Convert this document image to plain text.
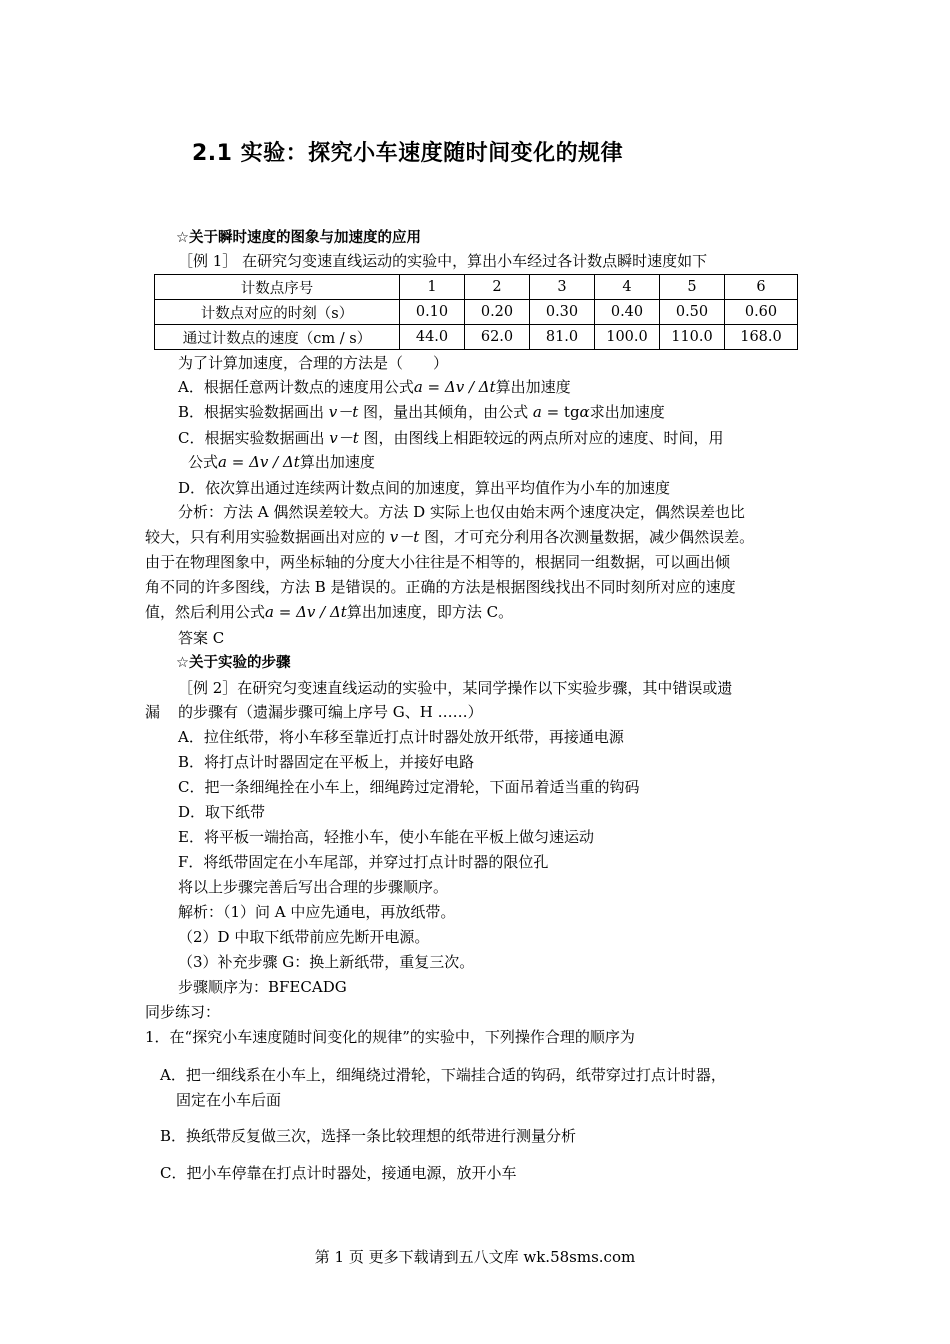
2.1 实验：探究小车速度随时间变化的规律
☆关于瞬时速度的图象与加速度的应用
［例 1］ 在研究匀变速直线运动的实验中，算出小车经过各计数点瞬时速度如下
计数点序号	1	2	3	4	5	6
计数点对应的时刻（s）	0.10	0.20	0.30	0.40	0.50	0.60
通过计数点的速度（cm / s）	44.0	62.0	81.0	100.0	110.0	168.0
为了计算加速度，合理的方法是（　　）
A．根据任意两计数点的速度用公式a = Δv / Δt算出加速度
B．根据实验数据画出 v－t 图，量出其倾角，由公式 a = tgα求出加速度
C．根据实验数据画出 v－t 图，由图线上相距较远的两点所对应的速度、时间，用
公式a = Δv / Δt算出加速度
D．依次算出通过连续两计数点间的加速度，算出平均值作为小车的加速度
分析：方法 A 偶然误差较大。方法 D 实际上也仅由始末两个速度决定，偶然误差也比
较大，只有利用实验数据画出对应的 v－t 图，才可充分利用各次测量数据，减少偶然误差。
由于在物理图象中，两坐标轴的分度大小往往是不相等的，根据同一组数据，可以画出倾
角不同的许多图线，方法 B 是错误的。正确的方法是根据图线找出不同时刻所对应的速度
值，然后利用公式a = Δv / Δt算出加速度，即方法 C。
答案 C
☆关于实验的步骤
［例 2］在研究匀变速直线运动的实验中，某同学操作以下实验步骤，其中错误或遗
漏 的步骤有（遗漏步骤可编上序号 G、H ……）
A．拉住纸带，将小车移至靠近打点计时器处放开纸带，再接通电源
B．将打点计时器固定在平板上，并接好电路
C．把一条细绳拴在小车上，细绳跨过定滑轮，下面吊着适当重的钩码
D．取下纸带
E．将平板一端抬高，轻推小车，使小车能在平板上做匀速运动
F．将纸带固定在小车尾部，并穿过打点计时器的限位孔
将以上步骤完善后写出合理的步骤顺序。
解析：（1）问 A 中应先通电，再放纸带。
（2）D 中取下纸带前应先断开电源。
（3）补充步骤 G：换上新纸带，重复三次。
步骤顺序为：BFECADG
同步练习：
1．在“探究小车速度随时间变化的规律”的实验中，下列操作合理的顺序为
A．把一细线系在小车上，细绳绕过滑轮，下端挂合适的钩码，纸带穿过打点计时器，
固定在小车后面
B．换纸带反复做三次，选择一条比较理想的纸带进行测量分析
C．把小车停靠在打点计时器处，接通电源，放开小车
第 1 页 更多下载请到五八文库 wk.58sms.com
